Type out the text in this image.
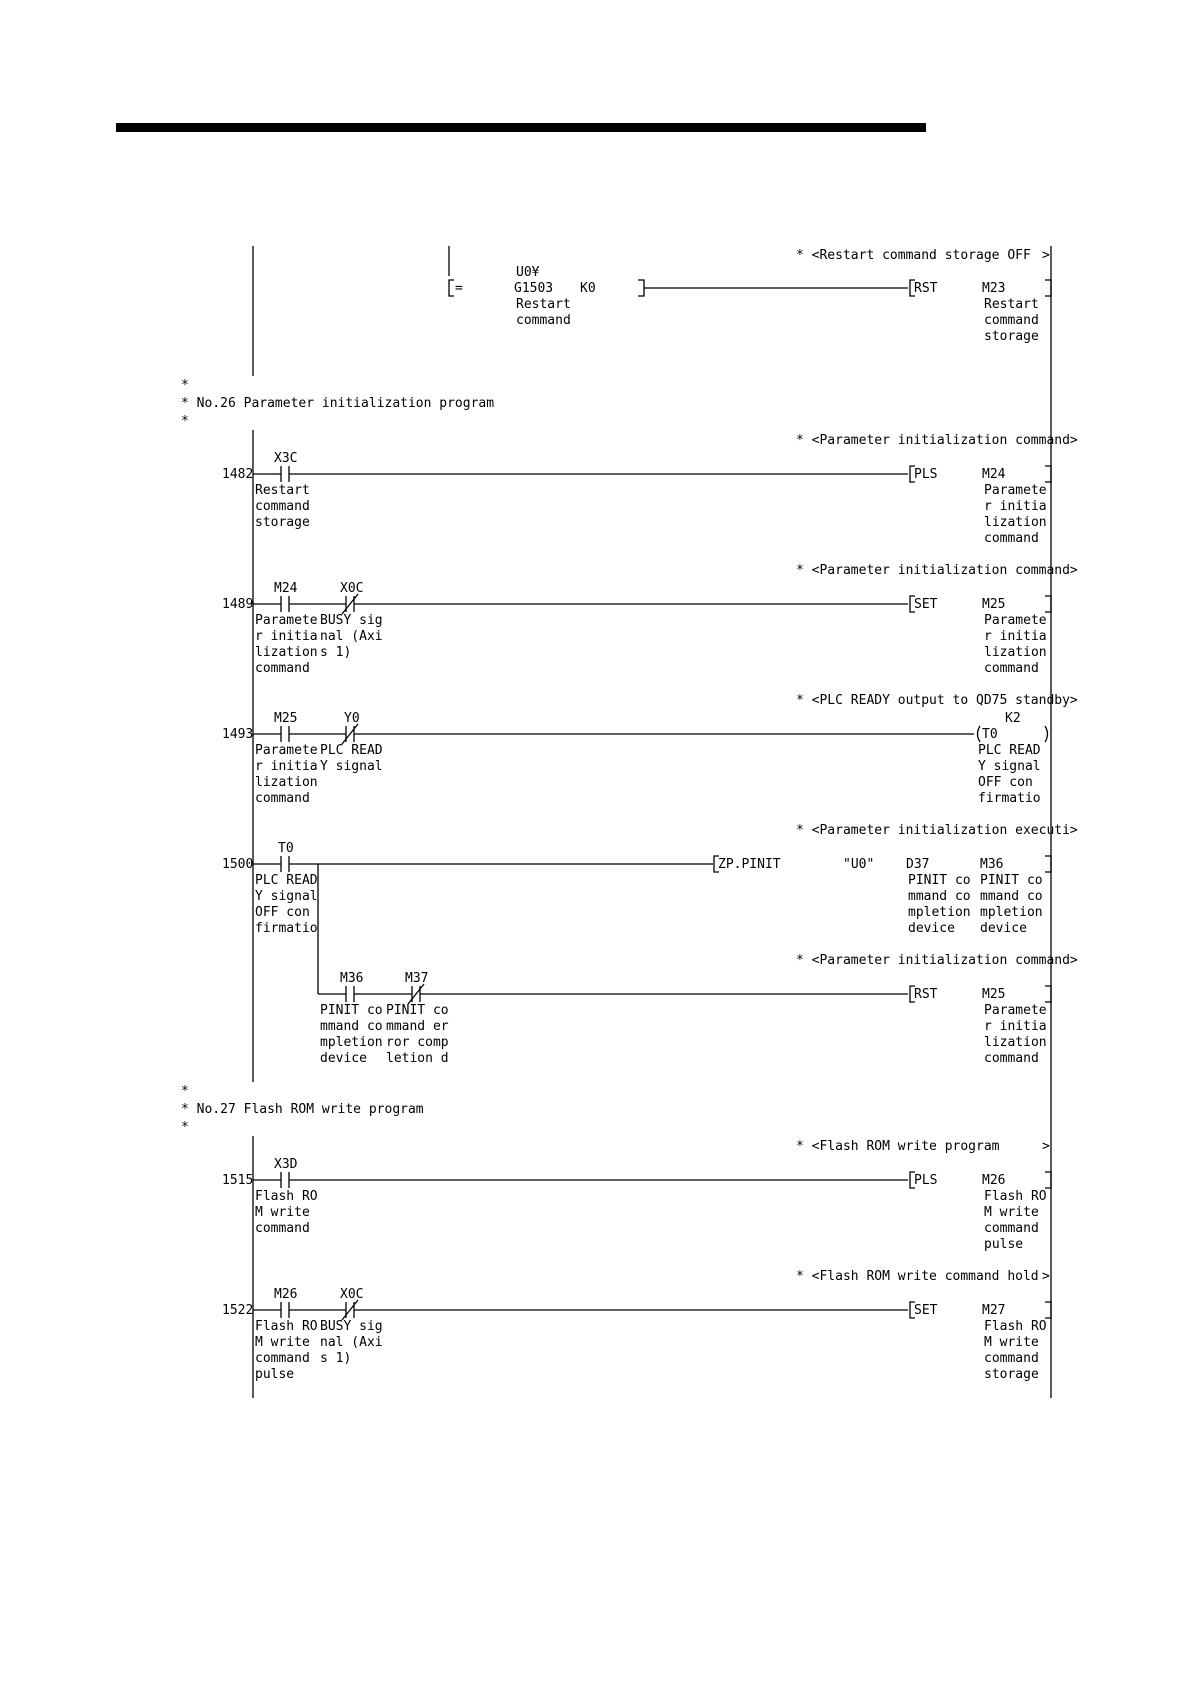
* <Restart command storage OFF >
=
U0¥
G1503
Restart
command
K0	RST	M23
Restart
command
storage
*
* No.26 Parameter initialization program
*
* <Parameter initialization command>
1482
X3C
Restart
command
storage
PLS	M24
Paramete
r initia
lization
command
* <Parameter initialization command>
1489
M24
Paramete
r initia
lization
command
X0C
BUSY sig
nal (Axi
s 1)
SET	M25
Paramete
r initia
lization
command
* <PLC READY output to QD75 standby>
1493
M25
Paramete
r initia
lization
command
Y0
PLC READ
Y signal
K2
T0
PLC READ
Y signal
OFF con
firmatio
* <Parameter initialization executi>
1500
T0
PLC READ
Y signal
OFF con
firmatio
ZP.PINIT	"U0" D37
PINIT co
mmand co
mpletion
device
M36
PINIT co
mmand co
mpletion
device
* <Parameter initialization command>
M36
PINIT co
mmand co
mpletion
device
M37
PINIT co
mmand er
ror comp
letion d
RST	M25
Paramete
r initia
lization
command
*
* No.27 Flash ROM write program
*
* <Flash ROM write program	>
1515
X3D
Flash RO
M write
command
PLS	M26
Flash RO
M write
command
pulse
* <Flash ROM write command hold >
1522
M26
Flash RO
M write
command
pulse
X0C
BUSY sig
nal (Axi
s 1)
SET	M27
Flash RO
M write
command
storage
